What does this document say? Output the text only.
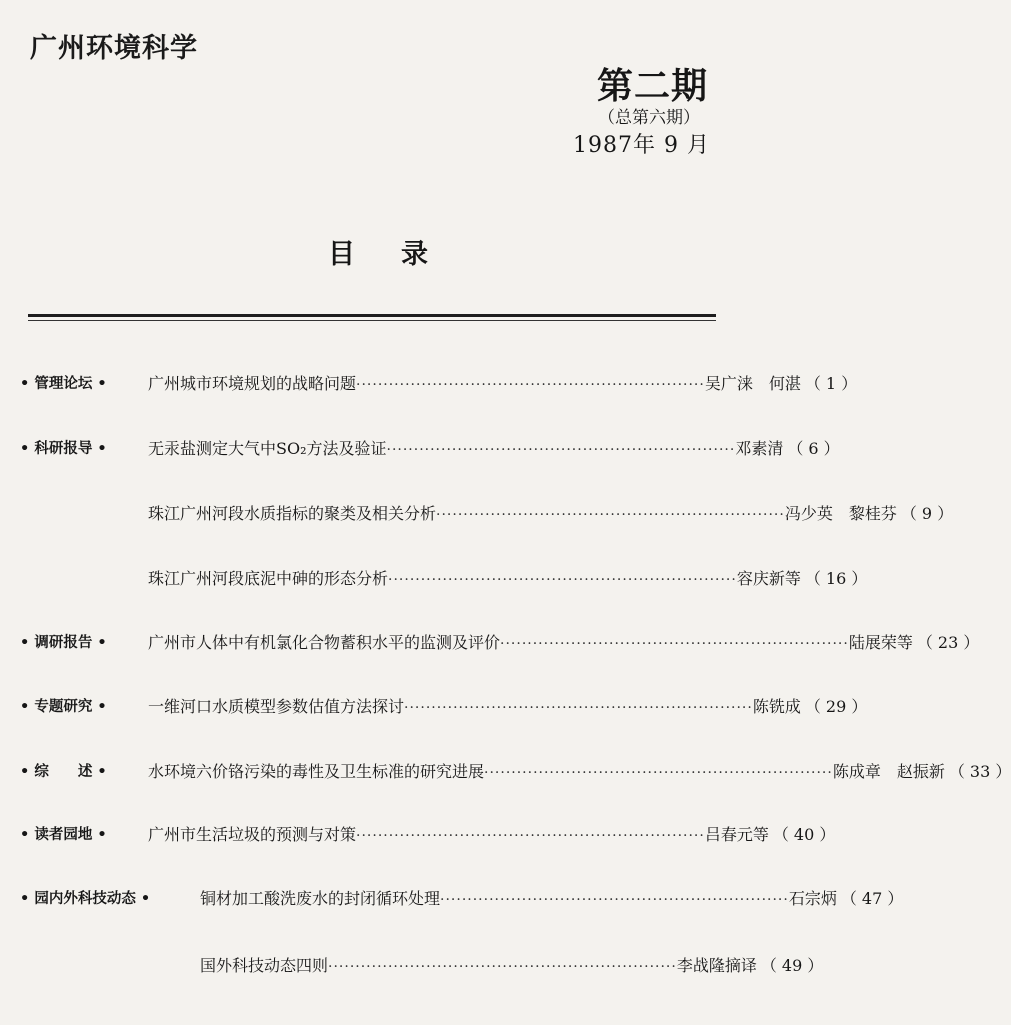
广州环境科学
第二期
（总第六期）
1987年 9 月
目录
• 管理论坛 •	广州城市环境规划的战略问题 ································································ 吴广涞　何湛 （ 1 ）
• 科研报导 •	无汞盐测定大气中SO₂方法及验证 ································································ 邓素清 （ 6 ）
珠江广州河段水质指标的聚类及相关分析 ································································ 冯少英　黎桂芬 （ 9 ）
珠江广州河段底泥中砷的形态分析 ································································ 容庆新等 （ 16 ）
• 调研报告 •	广州市人体中有机氯化合物蓄积水平的监测及评价 ································································ 陆展荣等 （ 23 ）
• 专题研究 •	一维河口水质模型参数估值方法探讨 ································································ 陈铣成 （ 29 ）
• 综　　述 •	水环境六价铬污染的毒性及卫生标准的研究进展 ································································ 陈成章　赵振新 （ 33 ）
• 读者园地 •	广州市生活垃圾的预测与对策 ································································ 吕春元等 （ 40 ）
• 园内外科技动态 •	铜材加工酸洗废水的封闭循环处理 ································································ 石宗炳 （ 47 ）
国外科技动态四则 ································································ 李战隆摘译 （ 49 ）
